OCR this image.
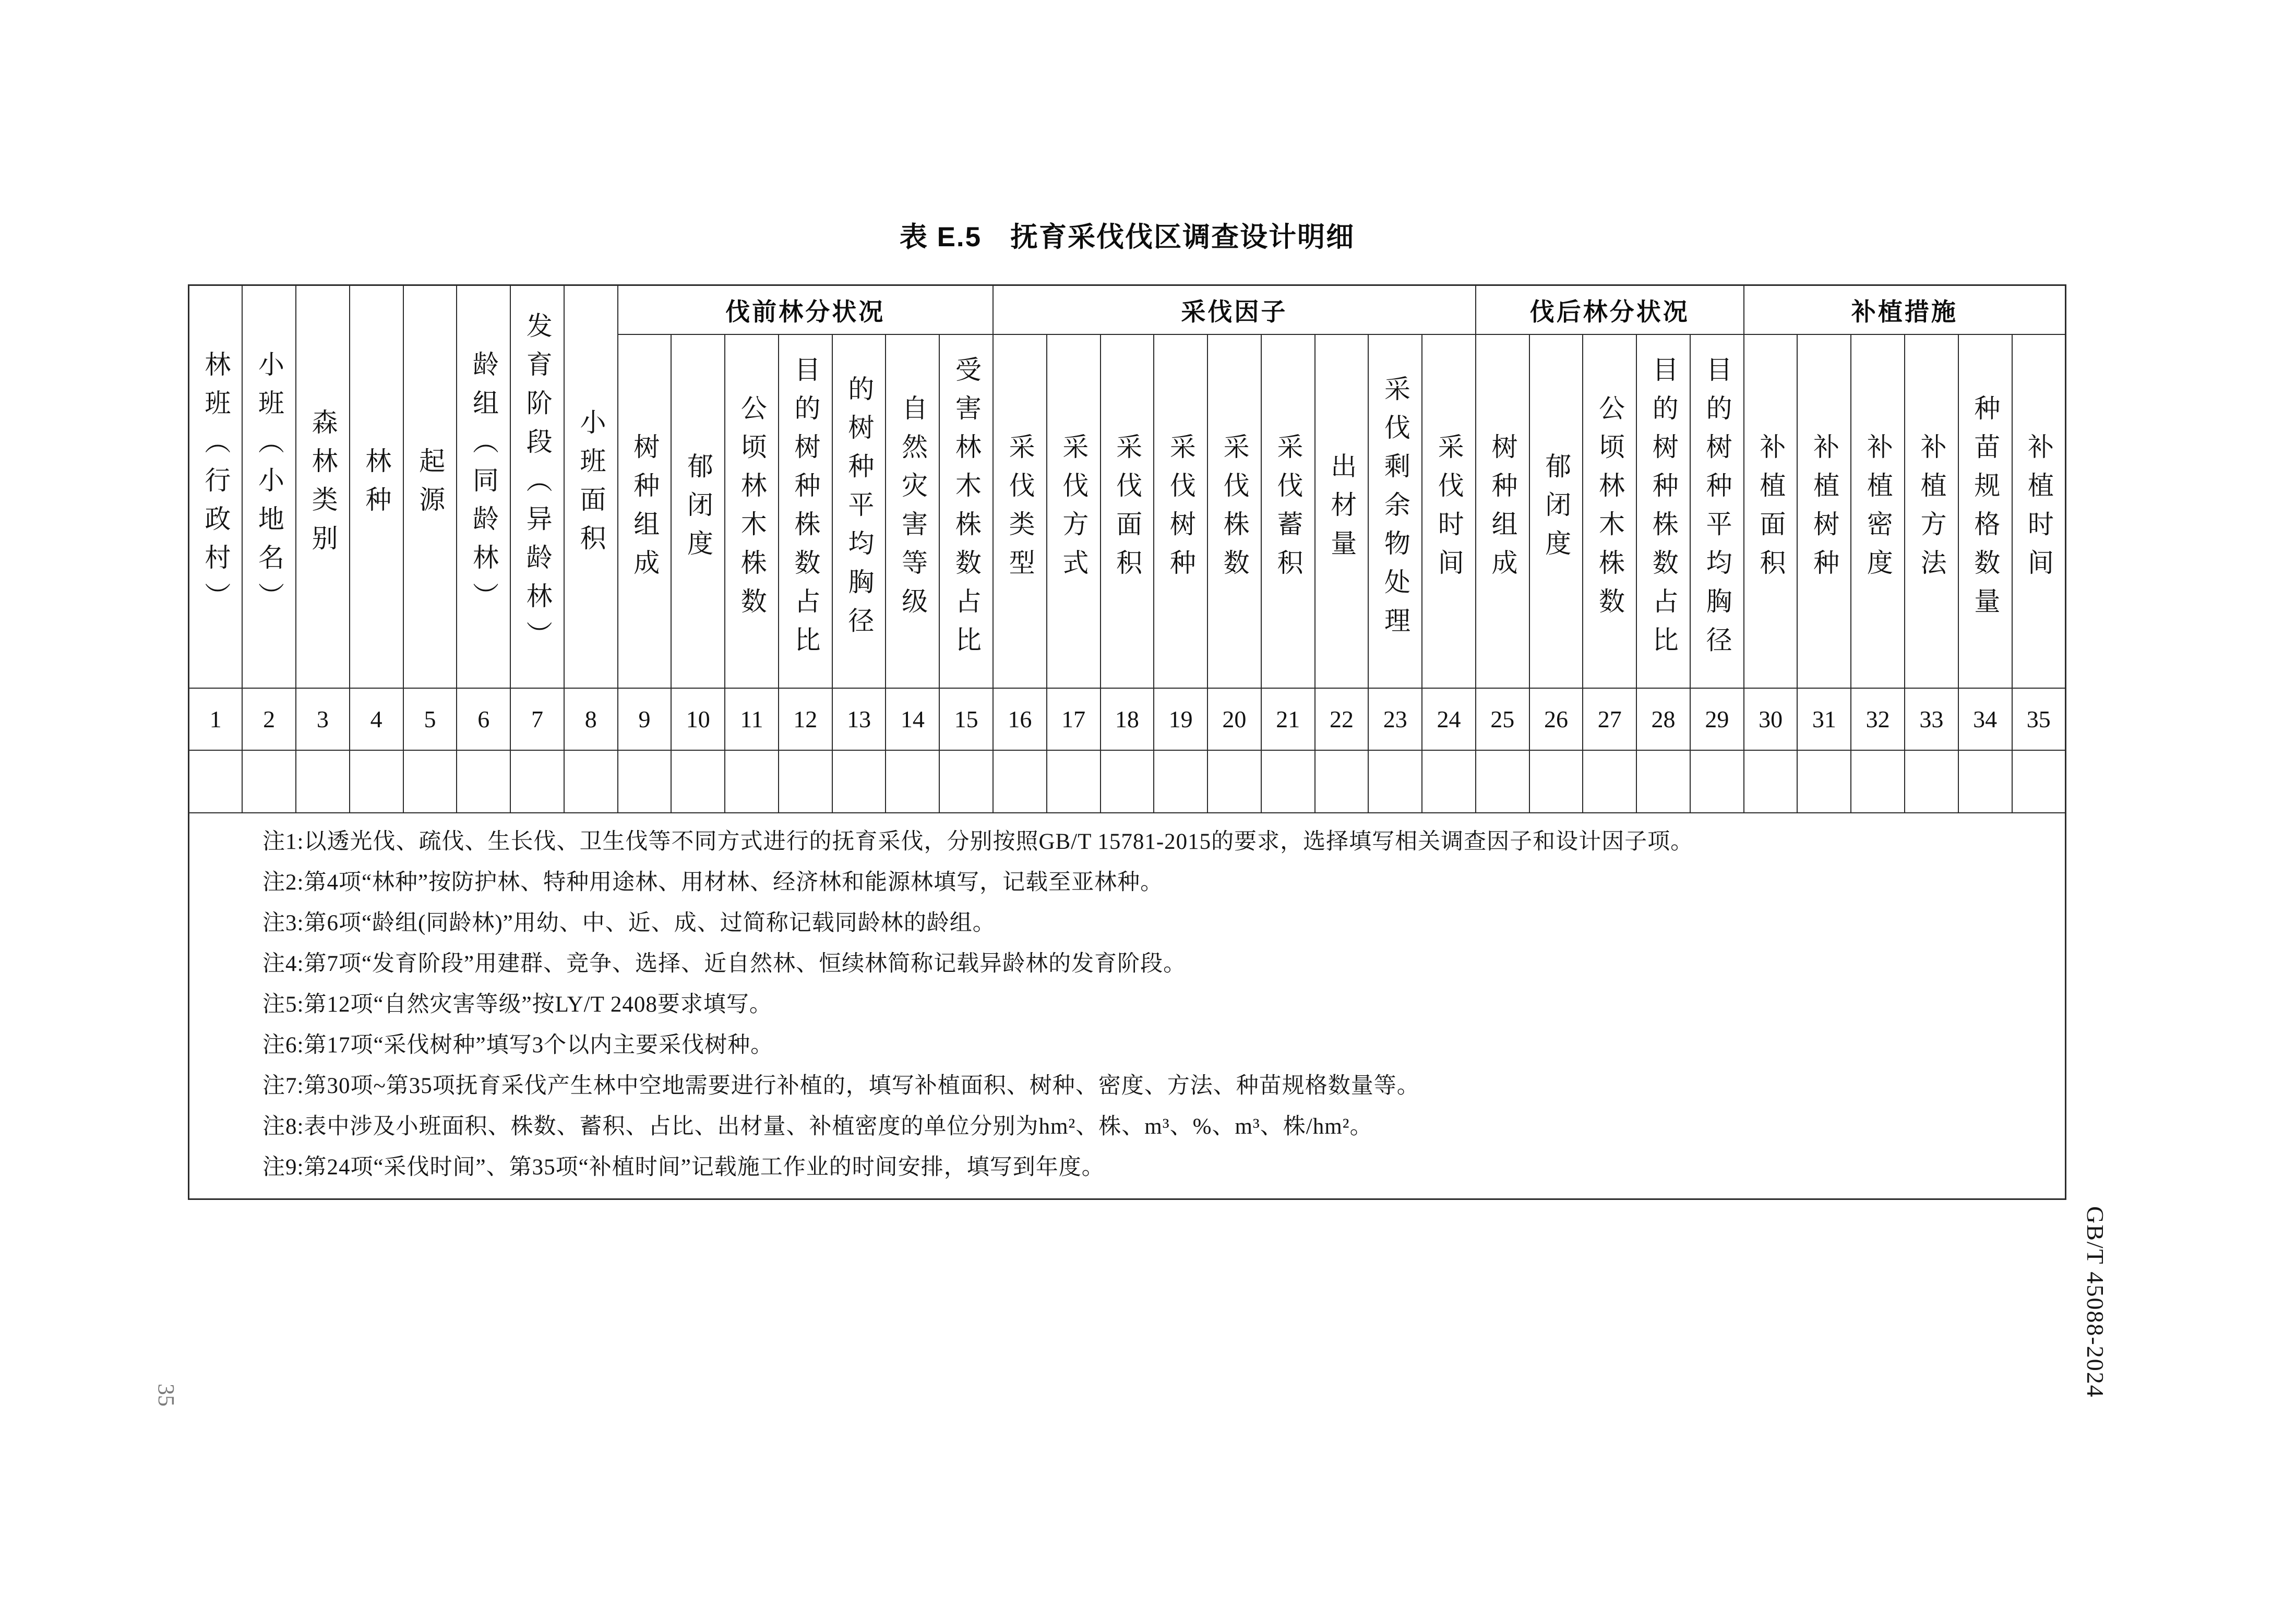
表 E.5　抚育采伐伐区调查设计明细
林班（行政村）	小班（小地名）	森林类别	林种	起源	龄组（同龄林）	发育阶段（异龄林）	小班面积	伐前林分状况							采伐因子									伐后林分状况					补植措施					
								树种组成	郁闭度	公顷林木株数	目的树种株数占比	的树种平均胸径	自然灾害等级	受害林木株数占比	采伐类型	采伐方式	采伐面积	采伐树种	采伐株数	采伐蓄积	出材量	采伐剩余物处理	采伐时间	树种组成	郁闭度	公顷林木株数	目的树种株数占比	目的树种平均胸径	补植面积	补植树种	补植密度	补植方法	种苗规格数量	补植时间
1	2	3	4	5	6	7	8	9	10	11	12	13	14	15	16	17	18	19	20	21	22	23	24	25	26	27	28	29	30	31	32	33	34	35

注1:以透光伐、疏伐、生长伐、卫生伐等不同方式进行的抚育采伐，分别按照GB/T 15781-2015的要求，选择填写相关调查因子和设计因子项。
注2:第4项“林种”按防护林、特种用途林、用材林、经济林和能源林填写，记载至亚林种。
注3:第6项“龄组(同龄林)”用幼、中、近、成、过简称记载同龄林的龄组。
注4:第7项“发育阶段”用建群、竞争、选择、近自然林、恒续林简称记载异龄林的发育阶段。
注5:第12项“自然灾害等级”按LY/T 2408要求填写。
注6:第17项“采伐树种”填写3个以内主要采伐树种。
注7:第30项~第35项抚育采伐产生林中空地需要进行补植的，填写补植面积、树种、密度、方法、种苗规格数量等。
注8:表中涉及小班面积、株数、蓄积、占比、出材量、补植密度的单位分别为hm²、株、m³、%、m³、株/hm²。
注9:第24项“采伐时间”、第35项“补植时间”记载施工作业的时间安排，填写到年度。
GB/T 45088-2024
35
